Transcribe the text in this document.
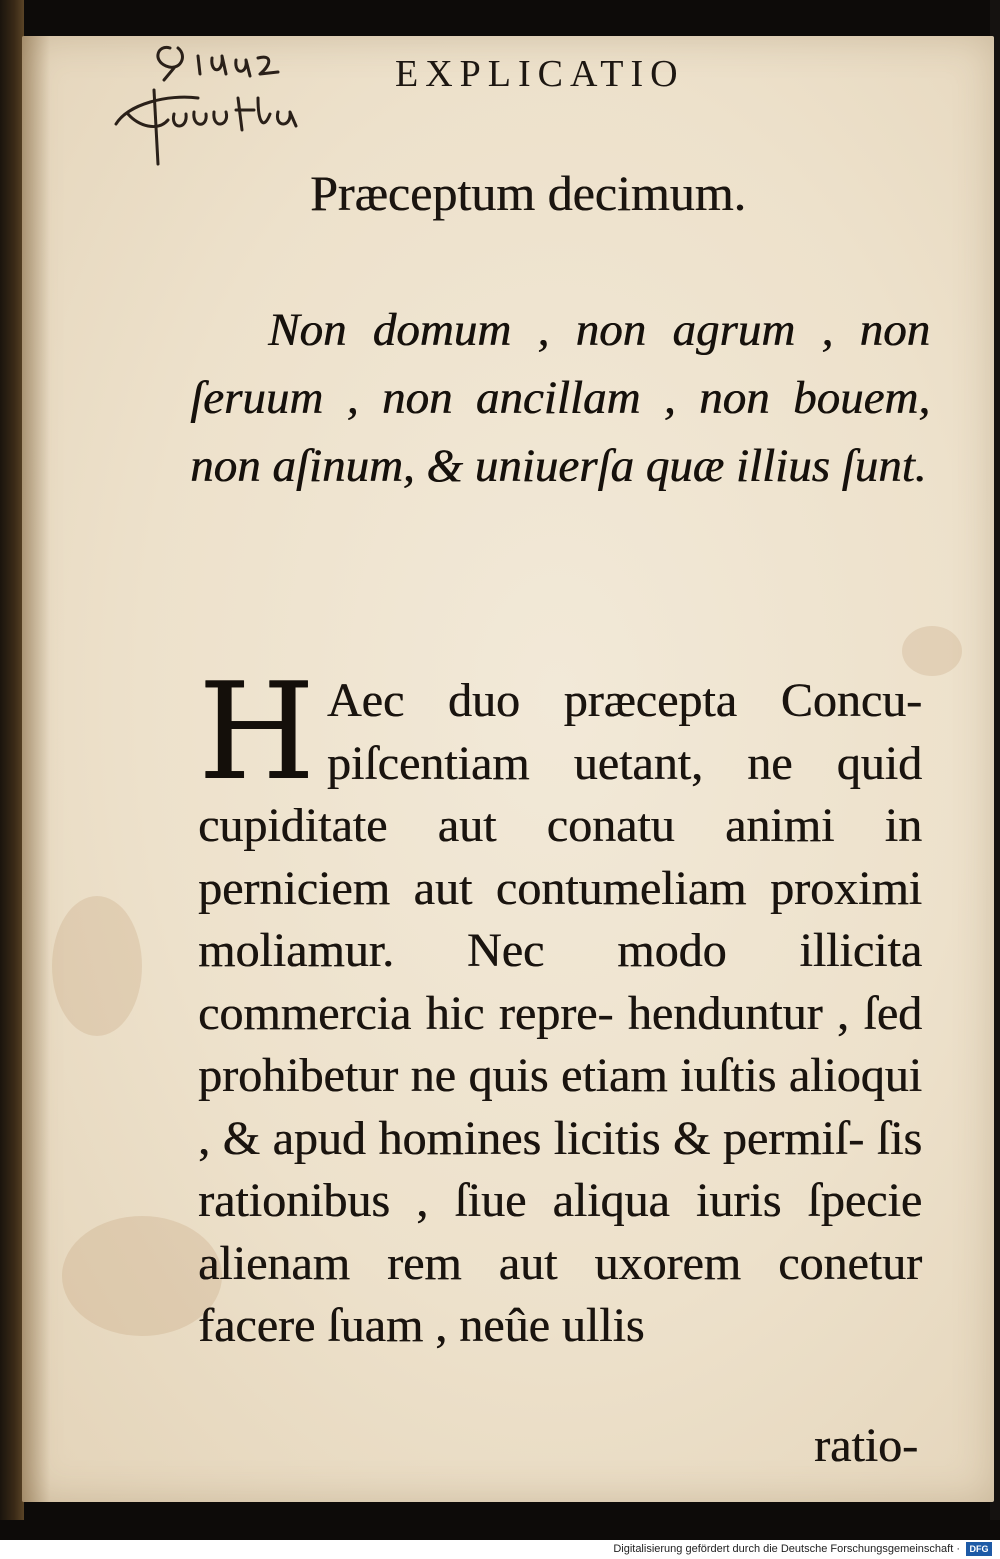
EXPLICATIO
Præceptum decimum.
Non domum , non agrum , non ſeruum , non ancillam , non bouem, non aſinum, & uniuerſa quæ illius ſunt.
H Aec duo præcepta Concu- piſcentiam uetant, ne quid cupiditate aut conatu animi in perniciem aut contumeliam proximi moliamur. Nec modo illicita commercia hic repre- henduntur , ſed prohibetur ne quis etiam iuſtis alioqui , & apud homines licitis & permiſ- ſis rationibus , ſiue aliqua iuris ſpecie alienam rem aut uxorem conetur facere ſuam , neûe ullis
ratio-
Digitalisierung gefördert durch die Deutsche Forschungsgemeinschaft ·	DFG
